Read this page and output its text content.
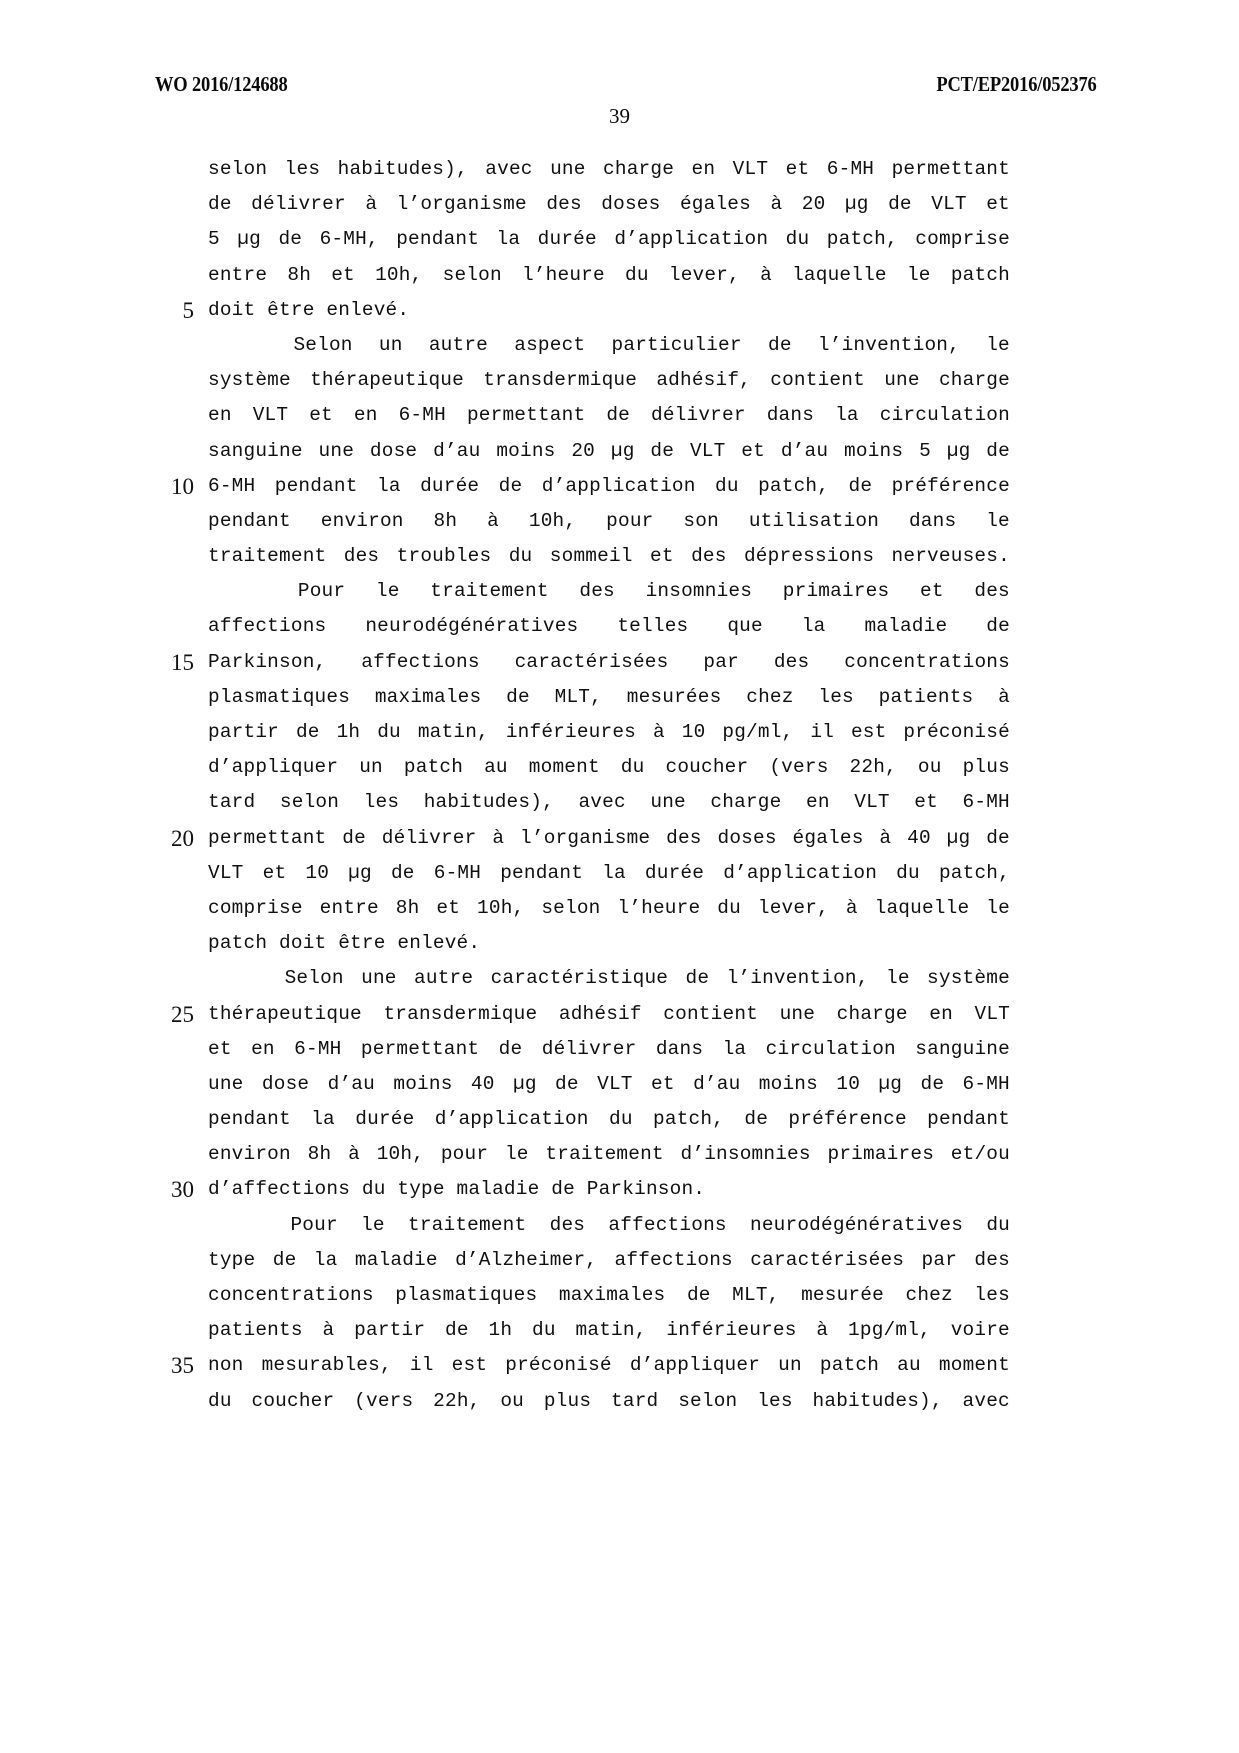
WO 2016/124688	PCT/EP2016/052376
39
selon les habitudes), avec une charge en VLT et 6-MH permettant
de délivrer à l’organisme des doses égales à 20 µg de VLT et
5 µg de 6-MH, pendant la durée d’application du patch, comprise
entre 8h et 10h, selon l’heure du lever, à laquelle le patch
5 doit être enlevé.

Selon un autre aspect particulier de l’invention, le
système thérapeutique transdermique adhésif, contient une charge
en VLT et en 6-MH permettant de délivrer dans la circulation
sanguine une dose d’au moins 20 µg de VLT et d’au moins 5 µg de
10 6-MH pendant la durée de d’application du patch, de préférence
pendant environ 8h à 10h, pour son utilisation dans le
traitement des troubles du sommeil et des dépressions nerveuses.

Pour le traitement des insomnies primaires et des
affections neurodégénératives telles que la maladie de
15 Parkinson, affections caractérisées par des concentrations
plasmatiques maximales de MLT, mesurées chez les patients à
partir de 1h du matin, inférieures à 10 pg/ml, il est préconisé
d’appliquer un patch au moment du coucher (vers 22h, ou plus
tard selon les habitudes), avec une charge en VLT et 6-MH
20 permettant de délivrer à l’organisme des doses égales à 40 µg de
VLT et 10 µg de 6-MH pendant la durée d’application du patch,
comprise entre 8h et 10h, selon l’heure du lever, à laquelle le
patch doit être enlevé.

Selon une autre caractéristique de l’invention, le système
25 thérapeutique transdermique adhésif contient une charge en VLT
et en 6-MH permettant de délivrer dans la circulation sanguine
une dose d’au moins 40 µg de VLT et d’au moins 10 µg de 6-MH
pendant la durée d’application du patch, de préférence pendant
environ 8h à 10h, pour le traitement d’insomnies primaires et/ou
30 d’affections du type maladie de Parkinson.

Pour le traitement des affections neurodégénératives du
type de la maladie d’Alzheimer, affections caractérisées par des
concentrations plasmatiques maximales de MLT, mesurée chez les
patients à partir de 1h du matin, inférieures à 1pg/ml, voire
35 non mesurables, il est préconisé d’appliquer un patch au moment
du coucher (vers 22h, ou plus tard selon les habitudes), avec
